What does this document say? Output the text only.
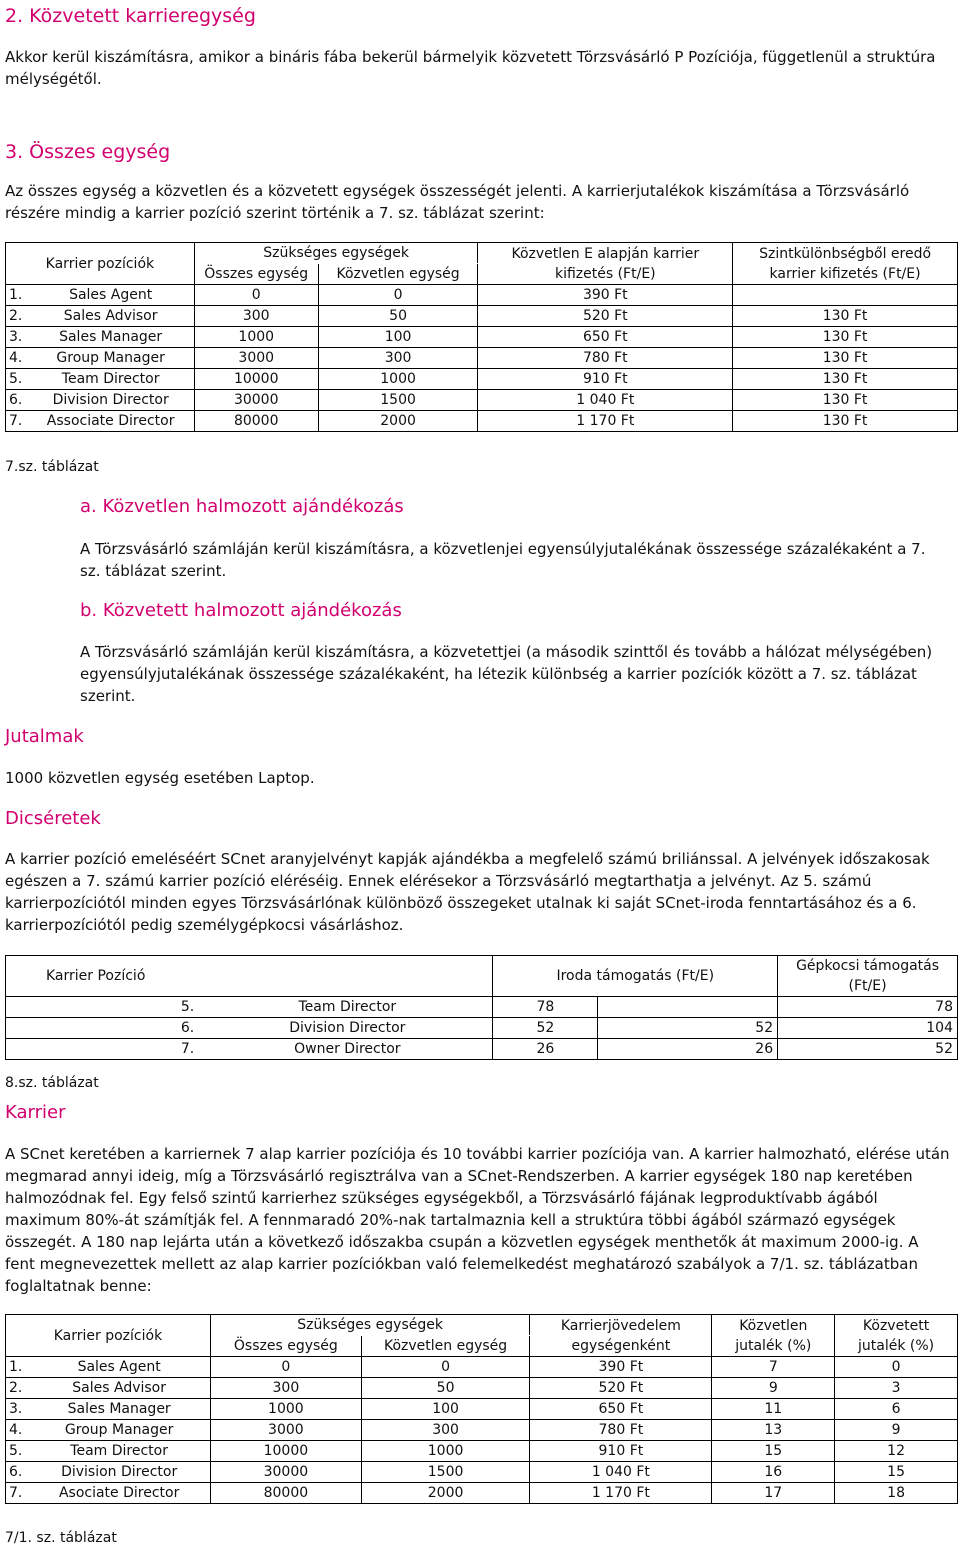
2. Közvetett karrieregység

Akkor kerül kiszámításra, amikor a bináris fába bekerül bármelyik közvetett Törzsvásárló P Pozíciója, függetlenül a struktúra mélységétől.

3. Összes egység

Az összes egység a közvetlen és a közvetett egységek összességét jelenti. A karrierjutalékok kiszámítása a Törzsvásárló részére mindig a karrier pozíció szerint történik a 7. sz. táblázat szerint:

Karrier pozíciók		Szükséges egységek		Közvetlen E alapján karrier kifizetés (Ft/E)	Szintkülönbségből eredő karrier kifizetés (Ft/E)
		Összes egység	Közvetlen egység		
1.	Sales Agent	0	0	390 Ft	
2.	Sales Advisor	300	50	520 Ft	130 Ft
3.	Sales Manager	1000	100	650 Ft	130 Ft
4.	Group Manager	3000	300	780 Ft	130 Ft
5.	Team Director	10000	1000	910 Ft	130 Ft
6.	Division Director	30000	1500	1 040 Ft	130 Ft
7.	Associate Director	80000	2000	1 170 Ft	130 Ft

7.sz. táblázat

a. Közvetlen halmozott ajándékozás

A Törzsvásárló számláján kerül kiszámításra, a közvetlenjei egyensúlyjutalékának összessége százalékaként a 7. sz. táblázat szerint.

b. Közvetett halmozott ajándékozás

A Törzsvásárló számláján kerül kiszámításra, a közvetettjei (a második szinttől és tovább a hálózat mélységében) egyensúlyjutalékának összessége százalékaként, ha létezik különbség a karrier pozíciók között a 7. sz. táblázat szerint.

Jutalmak

1000 közvetlen egység esetében Laptop.

Dicséretek

A karrier pozíció emeléséért SCnet aranyjelvényt kapják ajándékba a megfelelő számú briliánssal. A jelvények időszakosak egészen a 7. számú karrier pozíció eléréséig. Ennek elérésekor a Törzsvásárló megtarthatja a jelvényt. Az 5. számú karrierpozíciótól minden egyes Törzsvásárlónak különböző összegeket utalnak ki saját SCnet-iroda fenntartásához és a 6. karrierpozíciótól pedig személygépkocsi vásárláshoz.

Karrier Pozíció		Iroda támogatás (Ft/E)		Gépkocsi támogatás (Ft/E)
5.	Team Director	78		78
6.	Division Director	52	52	104
7.	Owner Director	26	26	52

8.sz. táblázat

Karrier

A SCnet keretében a karriernek 7 alap karrier pozíciója és 10 további karrier pozíciója van. A karrier halmozható, elérése után megmarad annyi ideig, míg a Törzsvásárló regisztrálva van a SCnet-Rendszerben. A karrier egységek 180 nap keretében halmozódnak fel. Egy felső szintű karrierhez szükséges egységekből, a Törzsvásárló fájának legproduktívabb ágából maximum 80%-át számítják fel. A fennmaradó 20%-nak tartalmaznia kell a struktúra többi ágából származó egységek összegét. A 180 nap lejárta után a következő időszakba csupán a közvetlen egységek menthetők át maximum 2000-ig. A fent megnevezettek mellett az alap karrier pozíciókban való felemelkedést meghatározó szabályok a 7/1. sz. táblázatban foglaltatnak benne:

Karrier pozíciók		Szükséges egységek		Karrierjövedelem egységenként	Közvetlen jutalék (%)	Közvetett jutalék (%)
		Összes egység	Közvetlen egység			
1.	Sales Agent	0	0	390 Ft	7	0
2.	Sales Advisor	300	50	520 Ft	9	3
3.	Sales Manager	1000	100	650 Ft	11	6
4.	Group Manager	3000	300	780 Ft	13	9
5.	Team Director	10000	1000	910 Ft	15	12
6.	Division Director	30000	1500	1 040 Ft	16	15
7.	Asociate Director	80000	2000	1 170 Ft	17	18

7/1. sz. táblázat
